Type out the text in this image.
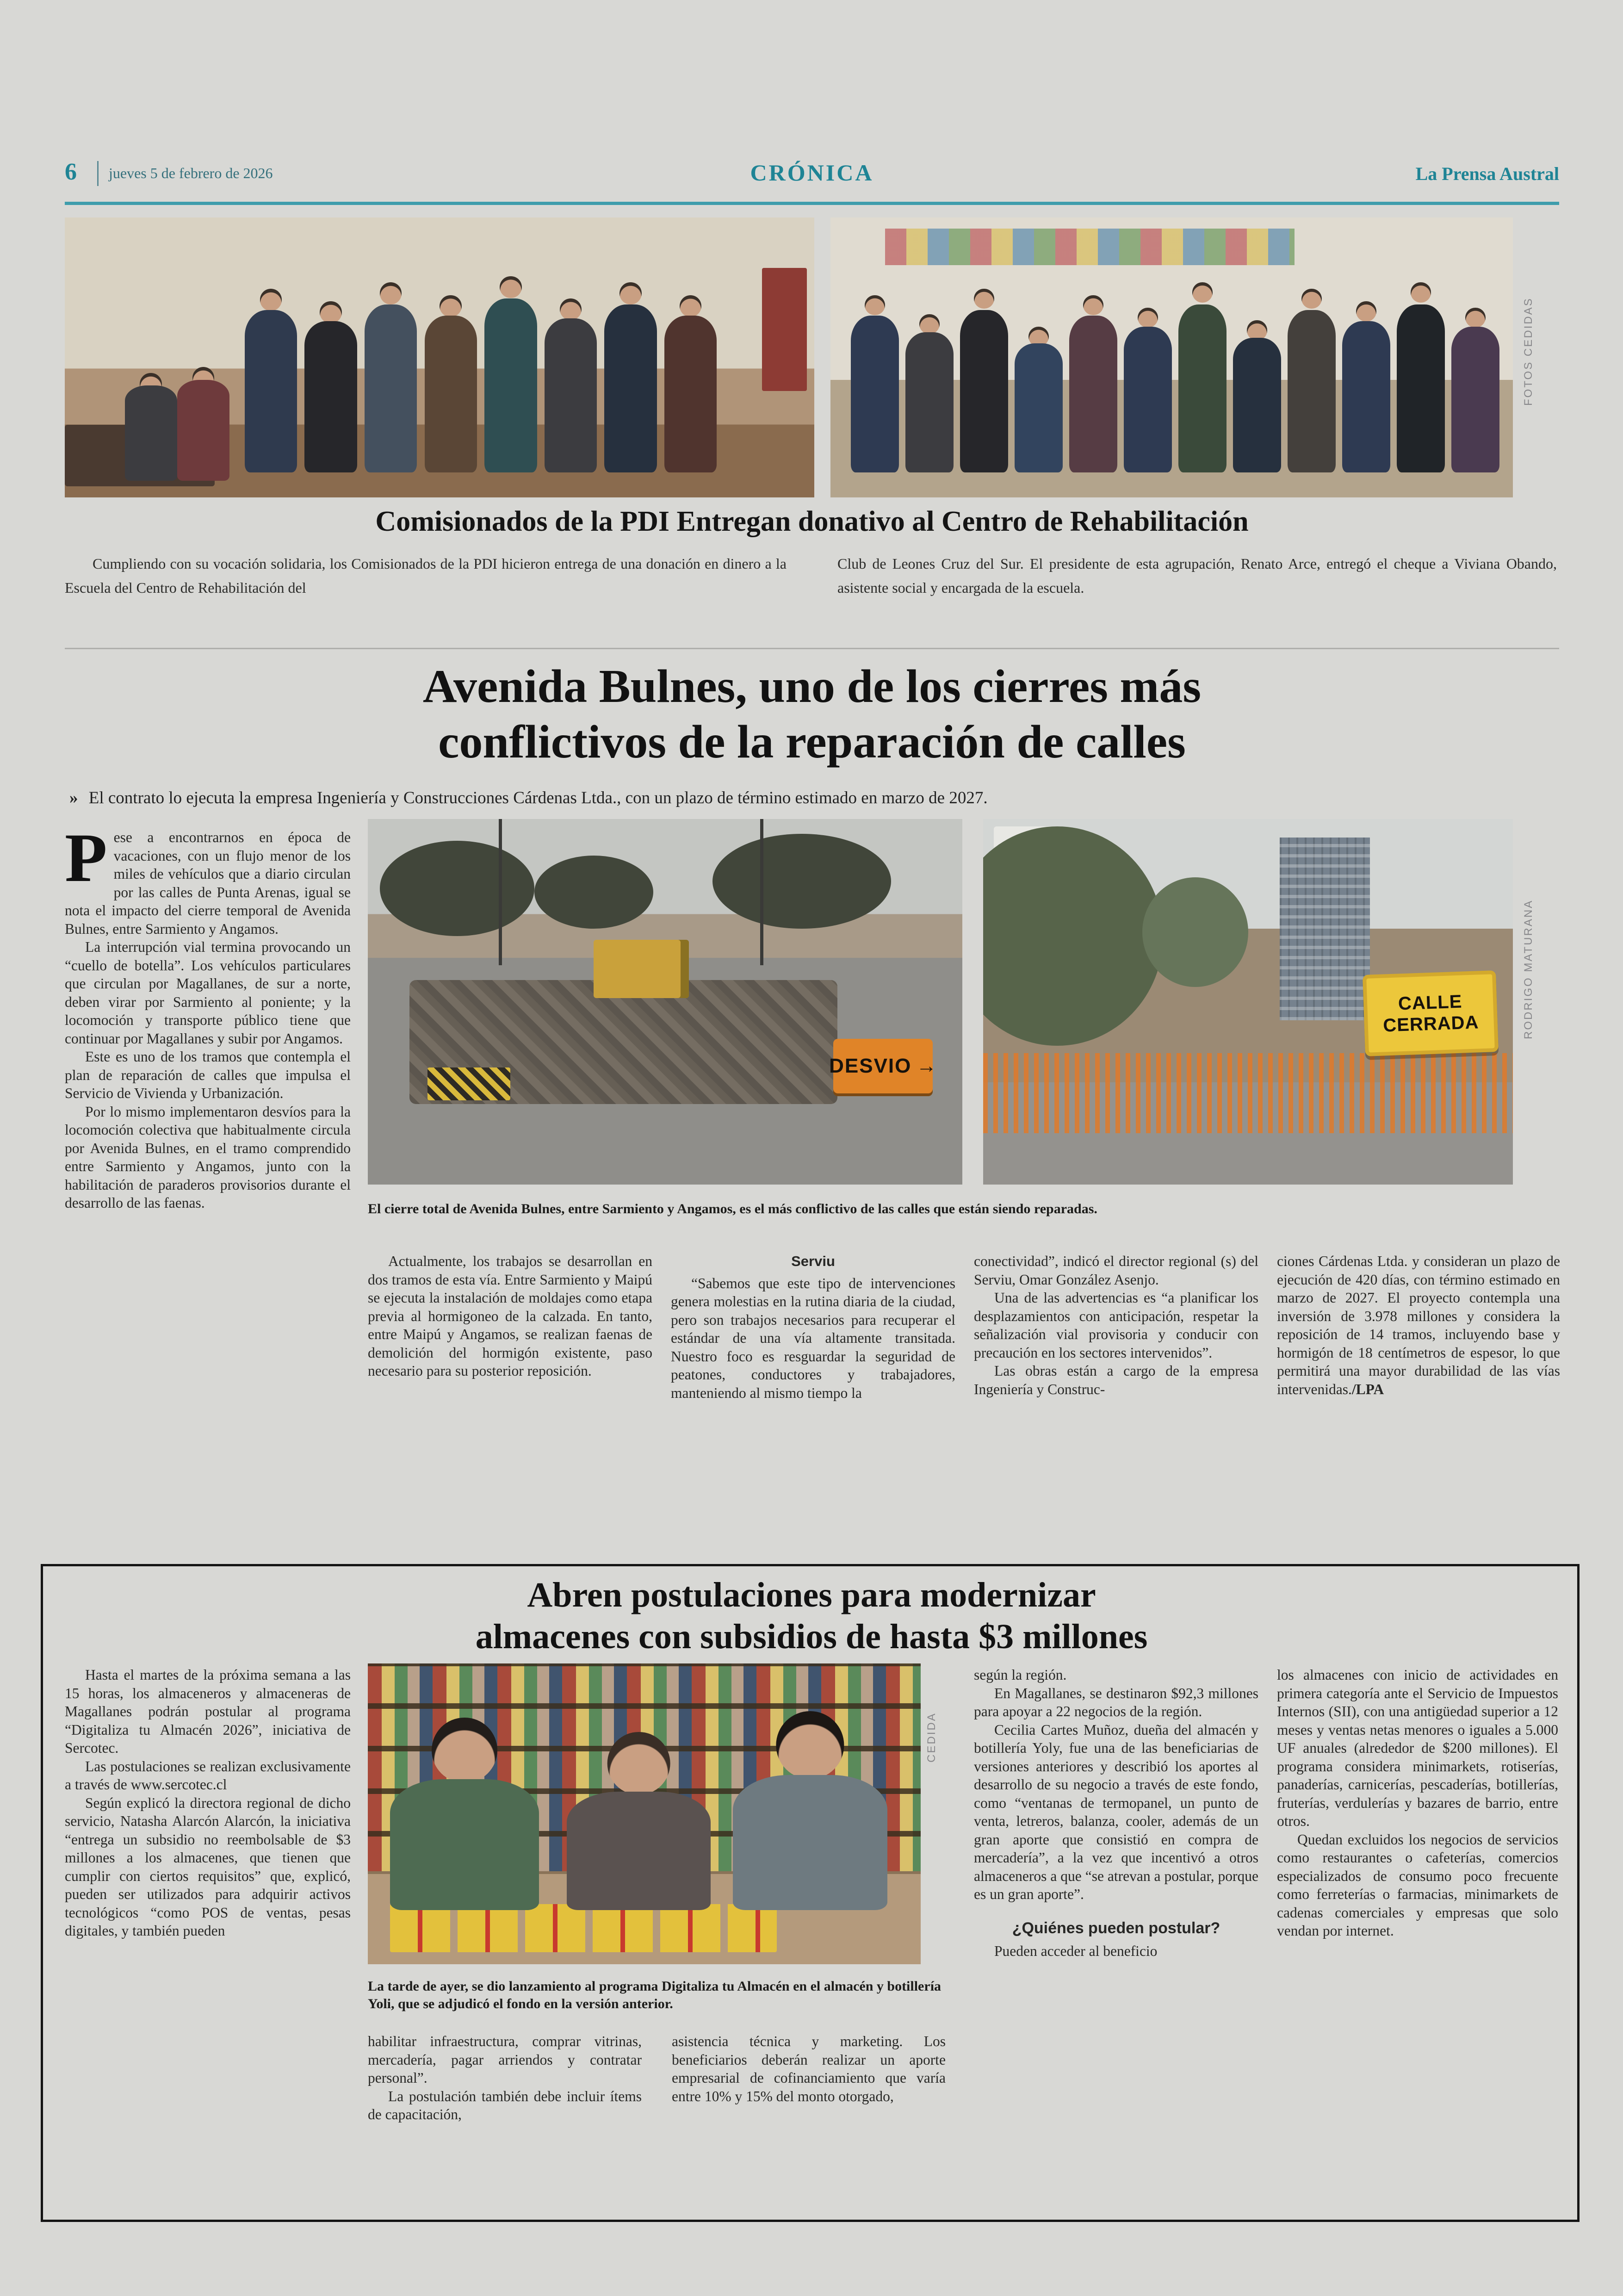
6 jueves 5 de febrero de 2026	CRÓNICA	La Prensa Austral
FOTOS CEDIDAS
Comisionados de la PDI Entregan donativo al Centro de Rehabilitación
Cumpliendo con su vocación solidaria, los Comisionados de la PDI hicieron entrega de una donación en dinero a la Escuela del Centro de Rehabilitación del
Club de Leones Cruz del Sur. El presidente de esta agrupación, Renato Arce, entregó el cheque a Viviana Obando, asistente social y encargada de la escuela.
Avenida Bulnes, uno de los cierres más
conflictivos de la reparación de calles
» El contrato lo ejecuta la empresa Ingeniería y Construcciones Cárdenas Ltda., con un plazo de término estimado en marzo de 2027.

P ese a encontrarnos en época de vacaciones, con un flujo menor de los miles de vehículos que a diario circulan por las calles de Punta Arenas, igual se nota el impacto del cierre temporal de Avenida Bulnes, entre Sarmiento y Angamos.

La interrupción vial termina provocando un “cuello de botella”. Los vehículos particulares que circulan por Magallanes, de sur a norte, deben virar por Sarmiento al poniente; y la locomoción y transporte público tiene que continuar por Magallanes y subir por Angamos.

Este es uno de los tramos que contempla el plan de reparación de calles que impulsa el Servicio de Vivienda y Urbanización.

Por lo mismo implementaron desvíos para la locomoción colectiva que habitualmente circula por Avenida Bulnes, en el tramo comprendido entre Sarmiento y Angamos, junto con la habilitación de paraderos provisorios durante el desarrollo de las faenas.

DESVIO →
CALLE CERRADA	RODRIGO MATURANA
El cierre total de Avenida Bulnes, entre Sarmiento y Angamos, es el más conflictivo de las calles que están siendo reparadas.

Actualmente, los trabajos se desarrollan en dos tramos de esta vía. Entre Sarmiento y Maipú se ejecuta la instalación de moldajes como etapa previa al hormigoneo de la calzada. En tanto, entre Maipú y Angamos, se realizan faenas de demolición del hormigón existente, paso necesario para su posterior reposición.

Serviu

“Sabemos que este tipo de intervenciones genera molestias en la rutina diaria de la ciudad, pero son trabajos necesarios para recuperar el estándar de una vía altamente transitada. Nuestro foco es resguardar la seguridad de peatones, conductores y trabajadores, manteniendo al mismo tiempo la

conectividad”, indicó el director regional (s) del Serviu, Omar González Asenjo.

Una de las advertencias es “a planificar los desplazamientos con anticipación, respetar la señalización vial provisoria y conducir con precaución en los sectores intervenidos”.

Las obras están a cargo de la empresa Ingeniería y Construc-

ciones Cárdenas Ltda. y consideran un plazo de ejecución de 420 días, con término estimado en marzo de 2027. El proyecto contempla una inversión de 3.978 millones y considera la reposición de 14 tramos, incluyendo base y hormigón de 18 centímetros de espesor, lo que permitirá una mayor durabilidad de las vías intervenidas./LPA

Abren postulaciones para modernizar
almacenes con subsidios de hasta $3 millones

Hasta el martes de la próxima semana a las 15 horas, los almaceneros y almaceneras de Magallanes podrán postular al programa “Digitaliza tu Almacén 2026”, iniciativa de Sercotec.

Las postulaciones se realizan exclusivamente a través de www.sercotec.cl

Según explicó la directora regional de dicho servicio, Natasha Alarcón Alarcón, la iniciativa “entrega un subsidio no reembolsable de $3 millones a los almacenes, que tienen que cumplir con ciertos requisitos” que, explicó, pueden ser utilizados para adquirir activos tecnológicos “como POS de ventas, pesas digitales, y también pueden

CEDIDA
La tarde de ayer, se dio lanzamiento al programa Digitaliza tu Almacén en el almacén y botillería Yoli, que se adjudicó el fondo en la versión anterior.

habilitar infraestructura, comprar vitrinas, mercadería, pagar arriendos y contratar personal”.

La postulación también debe incluir ítems de capacitación,

asistencia técnica y marketing. Los beneficiarios deberán realizar un aporte empresarial de cofinanciamiento que varía entre 10% y 15% del monto otorgado,

según la región.

En Magallanes, se destinaron $92,3 millones para apoyar a 22 negocios de la región.

Cecilia Cartes Muñoz, dueña del almacén y botillería Yoly, fue una de las beneficiarias de versiones anteriores y describió los aportes al desarrollo de su negocio a través de este fondo, como “ventanas de termopanel, un punto de venta, letreros, balanza, cooler, además de un gran aporte que consistió en compra de mercadería”, a la vez que incentivó a otros almaceneros a que “se atrevan a postular, porque es un gran aporte”.

¿Quiénes pueden postular?

Pueden acceder al beneficio

los almacenes con inicio de actividades en primera categoría ante el Servicio de Impuestos Internos (SII), con una antigüedad superior a 12 meses y ventas netas menores o iguales a 5.000 UF anuales (alrededor de $200 millones). El programa considera minimarkets, rotiserías, panaderías, carnicerías, pescaderías, botillerías, fruterías, verdulerías y bazares de barrio, entre otros.

Quedan excluidos los negocios de servicios como restaurantes o cafeterías, comercios especializados de consumo poco frecuente como ferreterías o farmacias, minimarkets de cadenas comerciales y empresas que solo vendan por internet.
